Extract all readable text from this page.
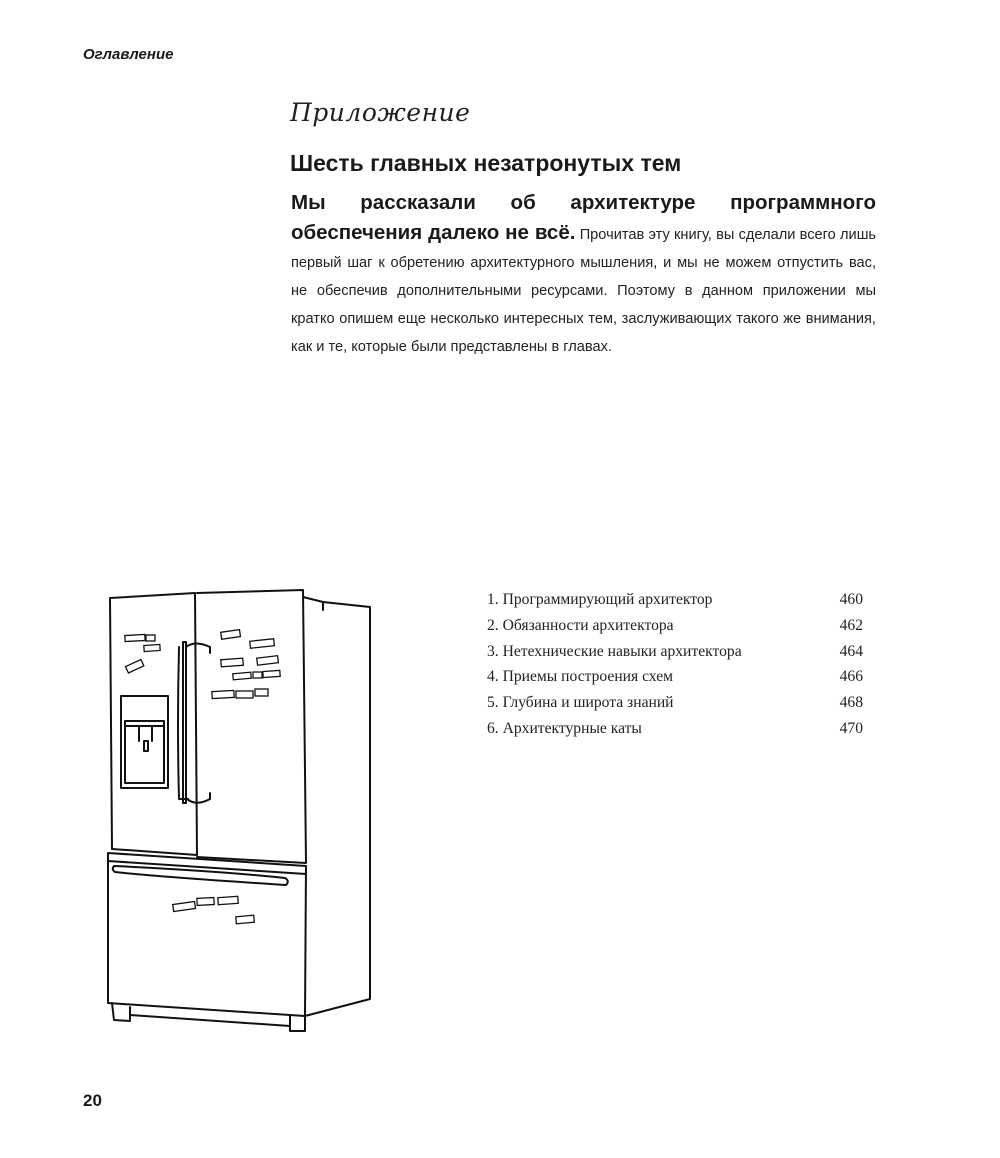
Оглавление
Приложение
Шесть главных незатронутых тем
Мы рассказали об архитектуре программного обеспечения далеко не всё. Прочитав эту книгу, вы сделали всего лишь первый шаг к обретению архитектурного мышления, и мы не можем отпустить вас, не обеспечив дополнительными ресурсами. Поэтому в данном приложении мы кратко опишем еще несколько интересных тем, заслуживающих такого же внимания, как и те, которые были представлены в главах.
1. Программирующий архитектор	460
2. Обязанности архитектора	462
3. Нетехнические навыки архитектора	464
4. Приемы построения схем	466
5. Глубина и широта знаний	468
6. Архитектурные каты	470
20
